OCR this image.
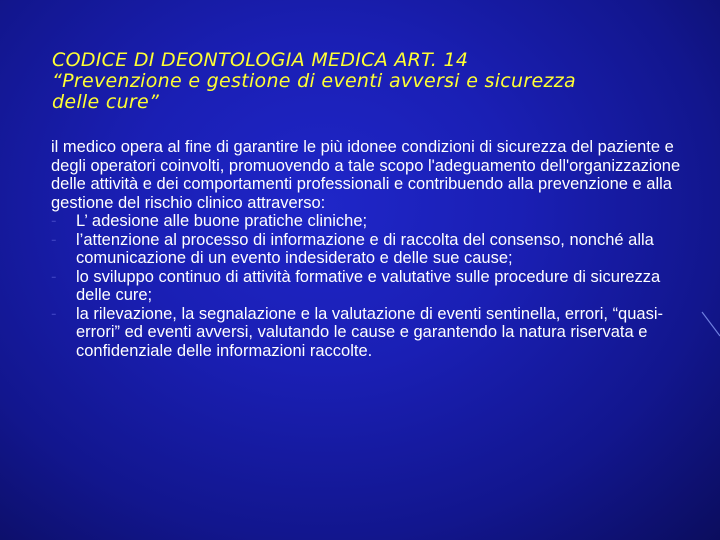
CODICE DI DEONTOLOGIA MEDICA ART. 14
“Prevenzione e gestione di eventi avversi e sicurezza
delle cure”

il medico opera al fine di garantire le più idonee condizioni di sicurezza del paziente e degli operatori coinvolti, promuovendo a tale scopo l'adeguamento dell'organizzazione delle attività e dei comportamenti professionali e contribuendo alla prevenzione e alla gestione del rischio clinico attraverso:

- L’ adesione alle buone pratiche cliniche;
- l’attenzione al processo di informazione e di raccolta del consenso, nonché alla comunicazione di un evento indesiderato e delle sue cause;
- lo sviluppo continuo di attività formative e valutative sulle procedure di sicurezza delle cure;
- la rilevazione, la segnalazione e la valutazione di eventi sentinella, errori, “quasi-errori” ed eventi avversi, valutando le cause e garantendo la natura riservata e confidenziale delle informazioni raccolte.
